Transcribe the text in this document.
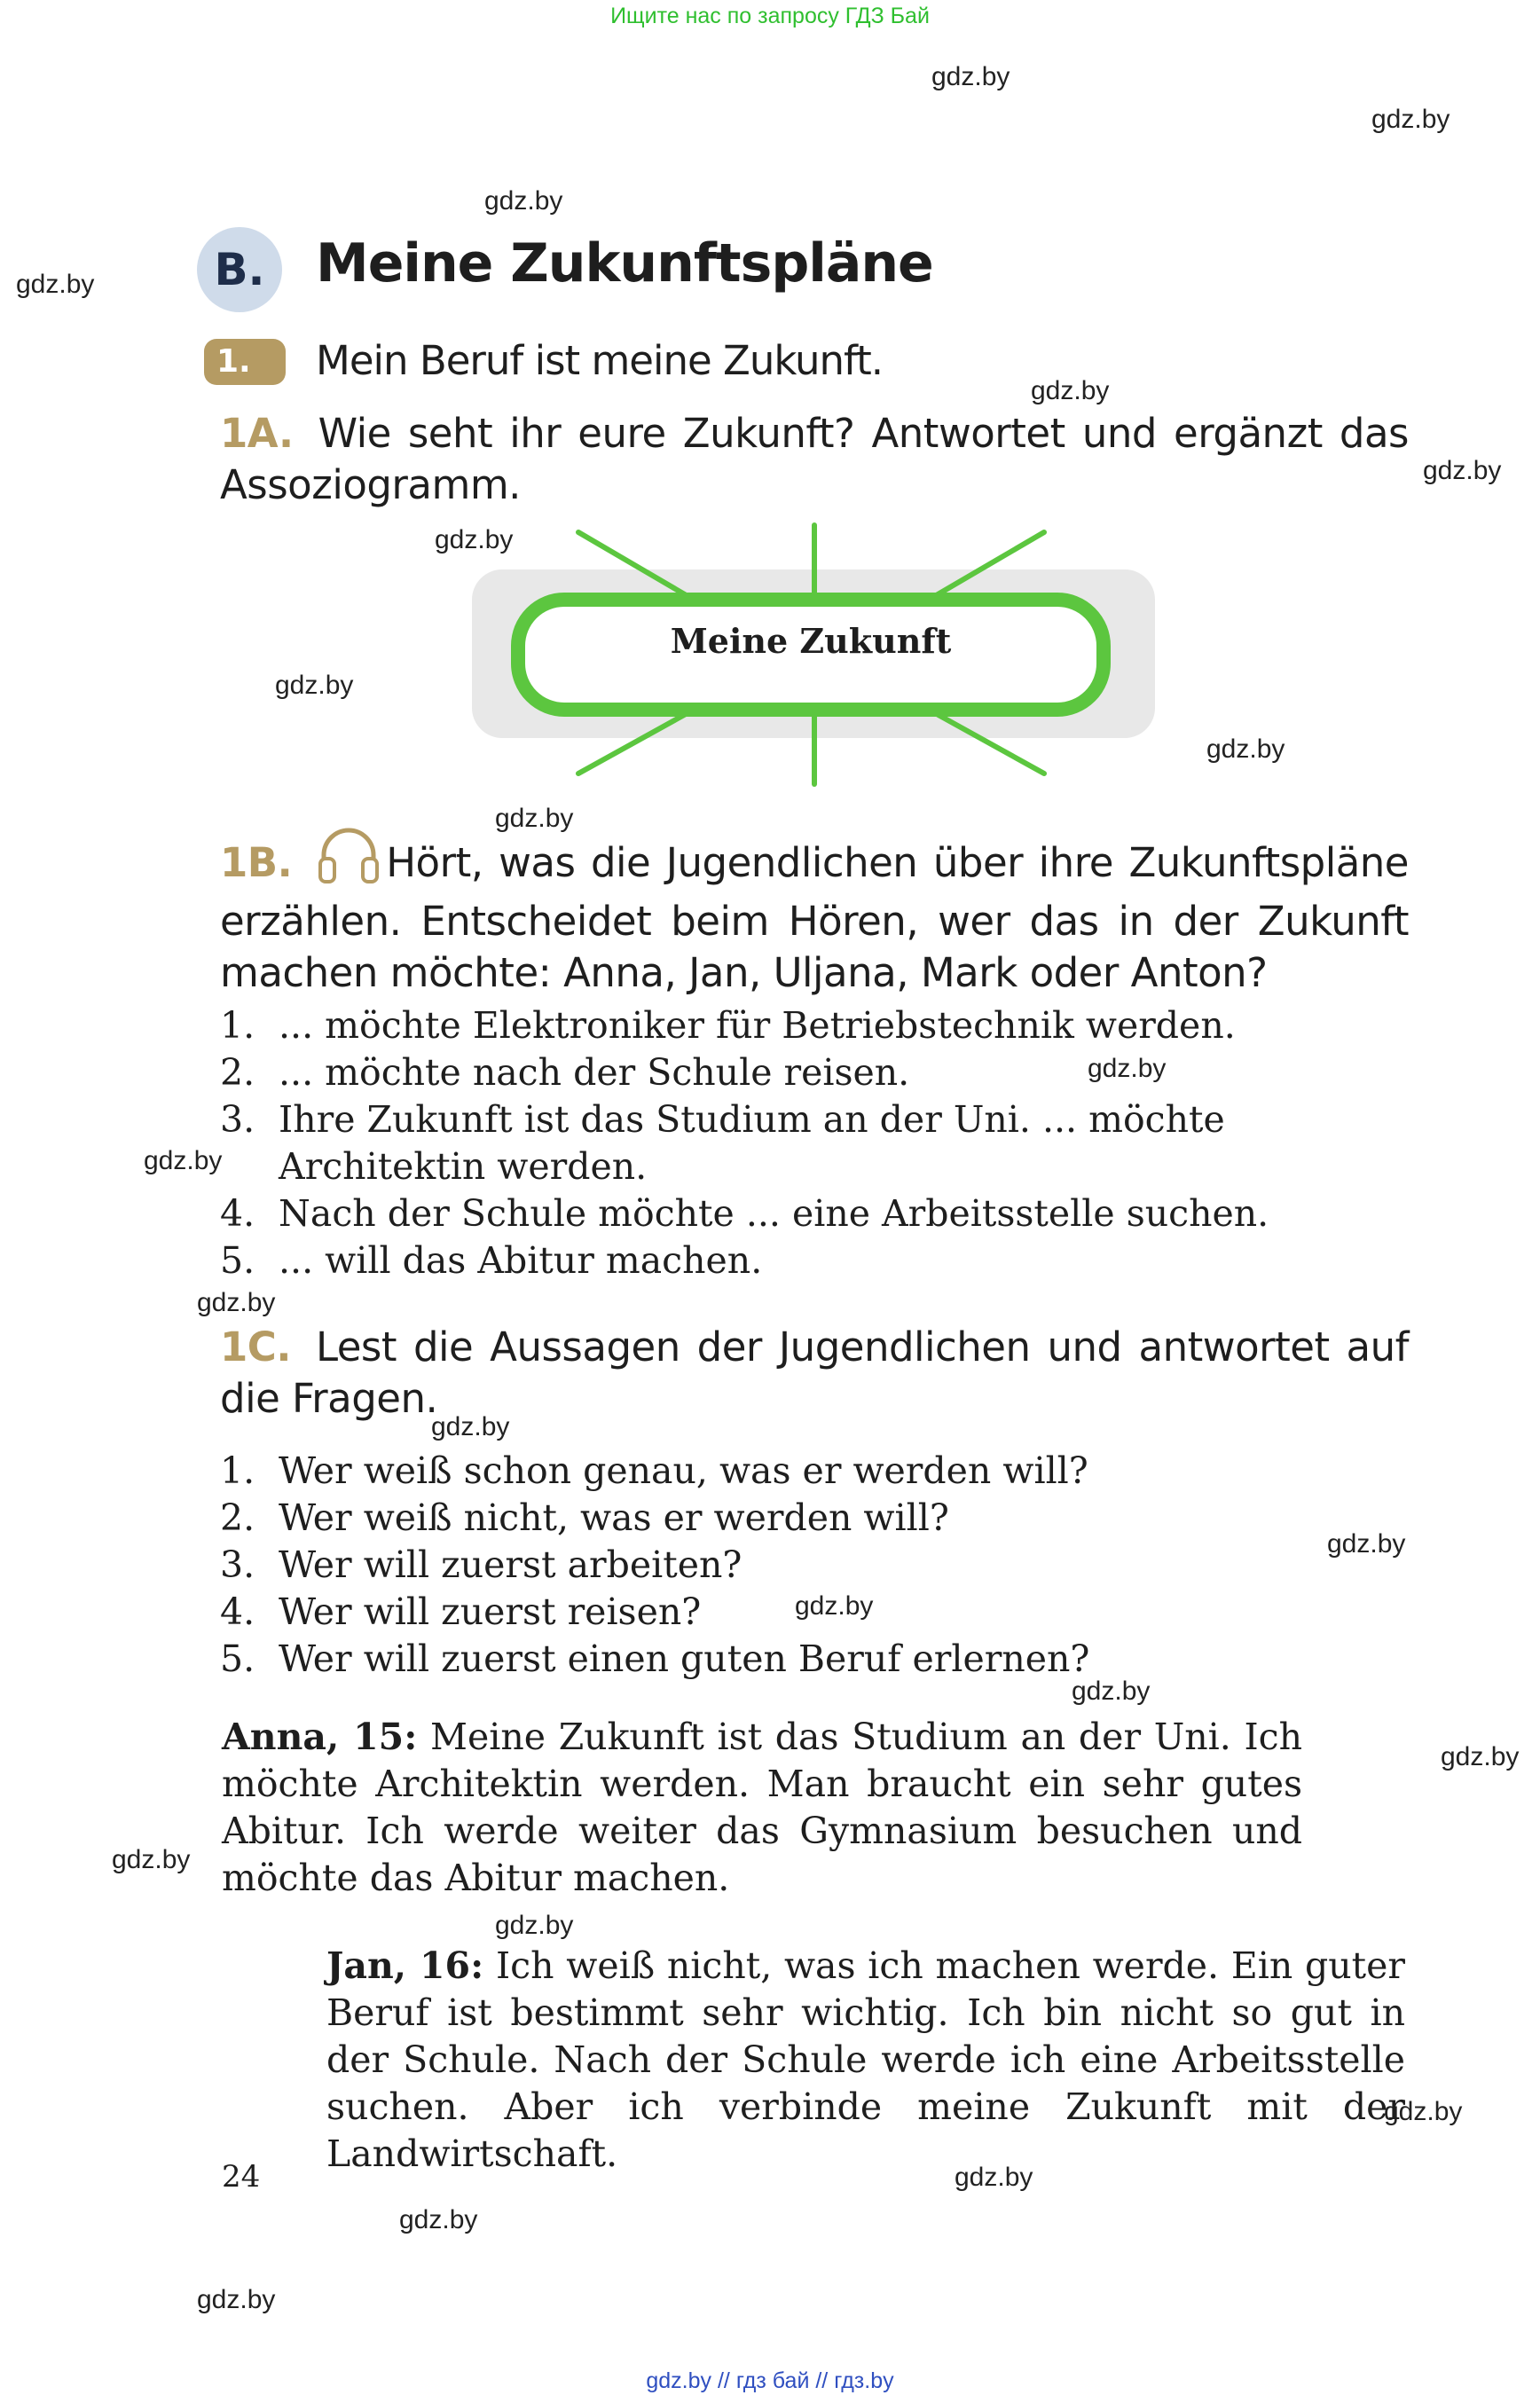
Ищите нас по запросу ГДЗ Бай
gdz.by
gdz.by
gdz.by
gdz.by
gdz.by
gdz.by
gdz.by
gdz.by
gdz.by
gdz.by
gdz.by
gdz.by
gdz.by
gdz.by
gdz.by
gdz.by
gdz.by
gdz.by
gdz.by
gdz.by
gdz.by
gdz.by
gdz.by
gdz.by
B. Meine Zukunftspläne
1.	Mein Beruf ist meine Zukunft.
1A. Wie seht ihr eure Zukunft? Antwortet und ergänzt das Assoziogramm.
Meine Zukunft
1B. Hört, was die Jugendlichen über ihre Zukunftspläne erzählen. Entscheidet beim Hören, wer das in der Zukunft machen möchte: Anna, Jan, Uljana, Mark oder Anton?
1. ... möchte Elektroniker für Betriebstechnik werden.
2. ... möchte nach der Schule reisen.
3. Ihre Zukunft ist das Studium an der Uni. ... möchte Architektin werden.
4. Nach der Schule möchte ... eine Arbeitsstelle suchen.
5. ... will das Abitur machen.
1C. Lest die Aussagen der Jugendlichen und antwortet auf die Fragen.
1. Wer weiß schon genau, was er werden will?
2. Wer weiß nicht, was er werden will?
3. Wer will zuerst arbeiten?
4. Wer will zuerst reisen?
5. Wer will zuerst einen guten Beruf erlernen?
Anna, 15: Meine Zukunft ist das Studium an der Uni. Ich möchte Architektin werden. Man braucht ein sehr gutes Abitur. Ich werde weiter das Gymnasium besuchen und möchte das Abitur machen.
Jan, 16: Ich weiß nicht, was ich machen werde. Ein guter Beruf ist bestimmt sehr wichtig. Ich bin nicht so gut in der Schule. Nach der Schule werde ich eine Arbeitsstelle suchen. Aber ich verbinde meine Zukunft mit der Landwirtschaft.
24
gdz.by // гдз бай // гдз.by
